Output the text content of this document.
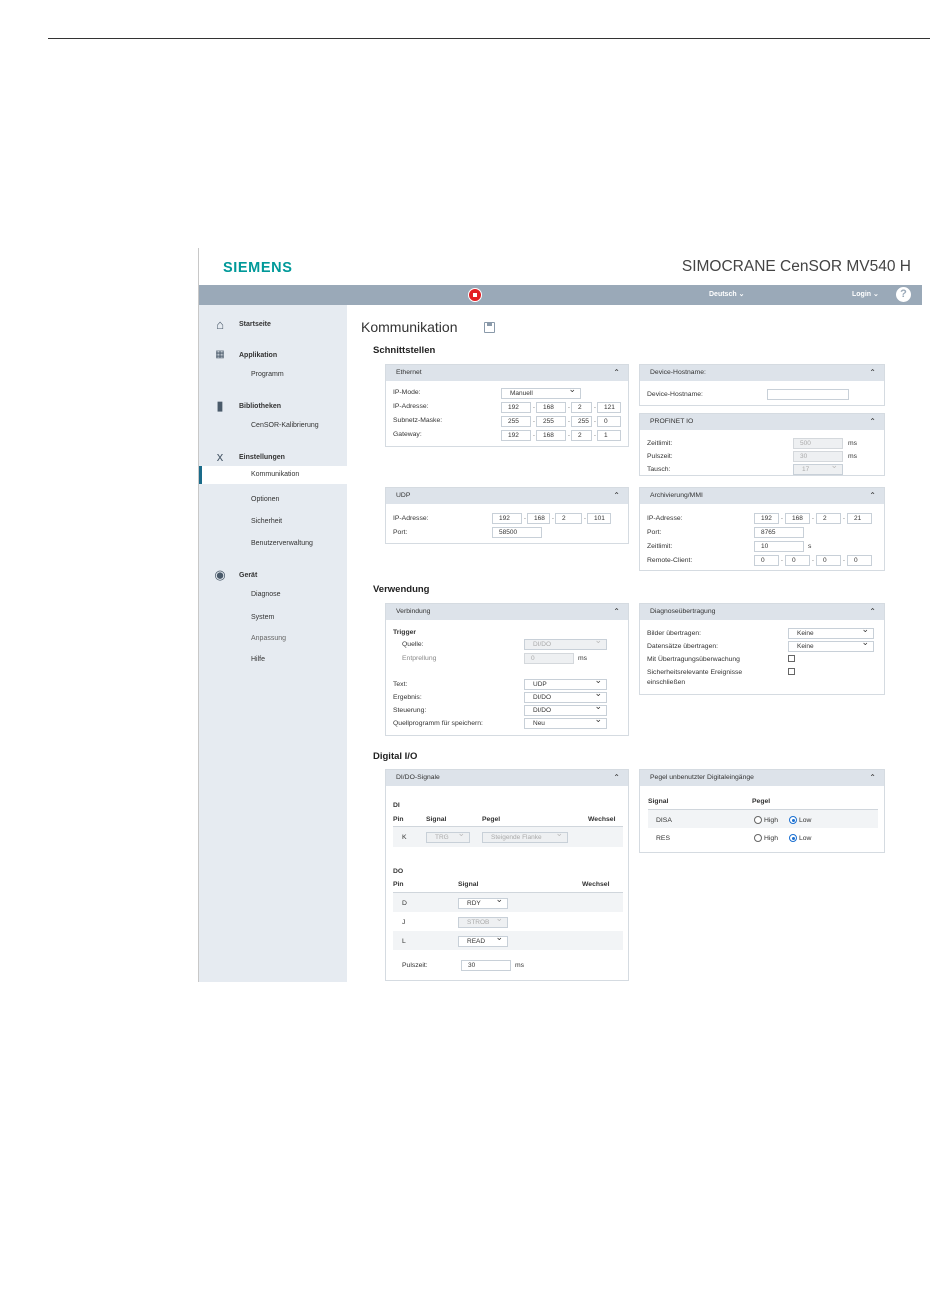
SIEMENS	SIMOCRANE CenSOR MV540 H
Deutsch ⌄	Login ⌄	?
⌂	Startseite
▦	Applikation
Programm
▮	Bibliotheken
CenSOR-Kalibrierung
x	Einstellungen
Kommunikation
Optionen
Sicherheit
Benutzerverwaltung
◉ Gerät
Diagnose
System
Anpassung
Hilfe
Kommunikation
Schnittstellen
Ethernet	⌃
IP-Mode:	Manuell ⌄
IP-Adresse:	192	.	168	.	2	.	121
Subnetz-Maske:	255	.	255	.	255 .	0
Gateway:	192	.	168	.	2	.	1
Device-Hostname:	⌃
Device-Hostname:
PROFINET IO	⌃
Zeitlimit:	500	ms
Pulszeit:	30	ms
Tausch:	17 ⌄
UDP	⌃
IP-Adresse:	192	.	168	.	2	.	101
Port:	58500
Archivierung/MMI	⌃
IP-Adresse:	192	.	168	.	2	.	21
Port:	8765
Zeitlimit:	10	s
Remote-Client:	0	.	0	.	0	.	0
Verwendung
Verbindung	⌃
Trigger
Quelle:	DI/DO ⌄
Entprellung	0	ms
Text:	UDP ⌄
Ergebnis:	DI/DO ⌄
Steuerung:	DI/DO ⌄
Quellprogramm für speichern:	Neu ⌄
Diagnoseübertragung	⌃
Bilder übertragen:	Keine ⌄
Datensätze übertragen:	Keine ⌄
Mit Übertragungsüberwachung
Sicherheitsrelevante Ereignisse
einschließen
Digital I/O
DI/DO-Signale	⌃
DI
Pin	Signal	Pegel	Wechsel
K	TRG ⌄	Steigende Flanke ⌄
DO
Pin	Signal	Wechsel
D	RDY ⌄
J	STROB ⌄
L	READ ⌄
Pulszeit:	30	ms
Pegel unbenutzter Digitaleingänge	⌃
Signal	Pegel
DISA	High	Low
RES	High	Low
